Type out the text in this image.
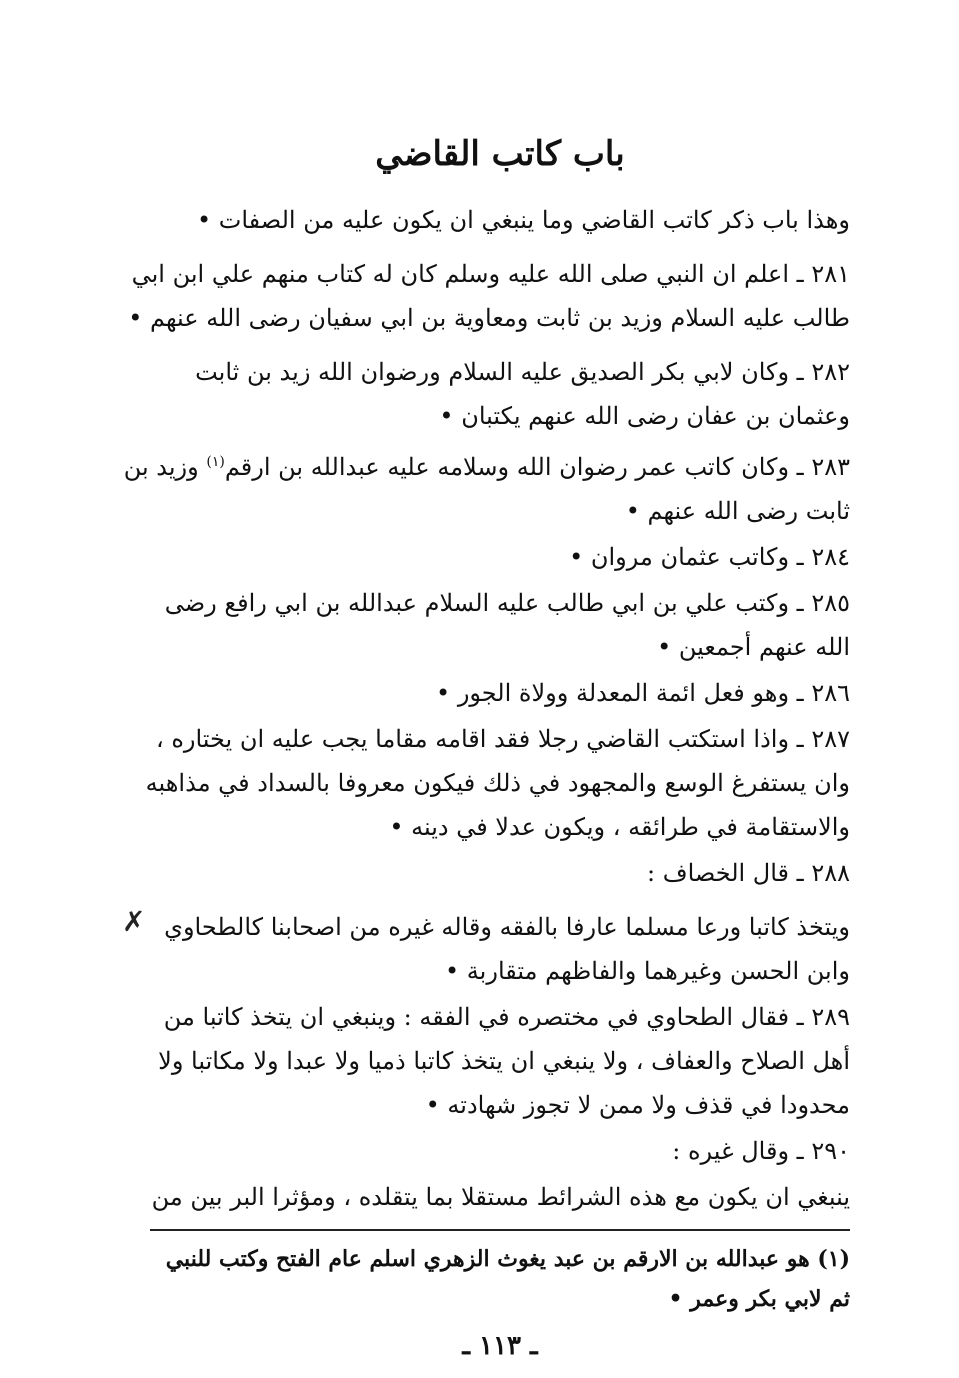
باب كاتب القاضي
وهذا باب ذكر كاتب القاضي وما ينبغي ان يكون عليه من الصفات •
٢٨١ ـ اعلم ان النبي صلى الله عليه وسلم كان له كتاب منهم علي ابن ابي
طالب عليه السلام وزيد بن ثابت ومعاوية بن ابي سفيان رضى الله عنهم •
٢٨٢ ـ وكان لابي بكر الصديق عليه السلام ورضوان الله زيد بن ثابت
وعثمان بن عفان رضى الله عنهم يكتبان •
٢٨٣ ـ وكان كاتب عمر رضوان الله وسلامه عليه عبدالله بن ارقم$^{(١)}$ وزيد بن
ثابت رضى الله عنهم •
٢٨٤ ـ وكاتب عثمان مروان •
٢٨٥ ـ وكتب علي بن ابي طالب عليه السلام عبدالله بن ابي رافع رضى
الله عنهم أجمعين •
٢٨٦ ـ وهو فعل ائمة المعدلة وولاة الجور •
٢٨٧ ـ واذا استكتب القاضي رجلا فقد اقامه مقاما يجب عليه ان يختاره ،
وان يستفرغ الوسع والمجهود في ذلك فيكون معروفا بالسداد في مذاهبه
والاستقامة في طرائقه ، ويكون عدلا في دينه •
٢٨٨ ـ قال الخصاف :
✗ ويتخذ كاتبا ورعا مسلما عارفا بالفقه وقاله غيره من اصحابنا كالطحاوي
وابن الحسن وغيرهما والفاظهم متقاربة •
٢٨٩ ـ فقال الطحاوي في مختصره في الفقه : وينبغي ان يتخذ كاتبا من
أهل الصلاح والعفاف ، ولا ينبغي ان يتخذ كاتبا ذميا ولا عبدا ولا مكاتبا ولا
محدودا في قذف ولا ممن لا تجوز شهادته •
٢٩٠ ـ وقال غيره :
ينبغي ان يكون مع هذه الشرائط مستقلا بما يتقلده ، ومؤثرا البر بين من
(١) هو عبدالله بن الارقم بن عبد يغوث الزهري اسلم عام الفتح وكتب للنبي
ثم لابي بكر وعمر •
ـ ١١٣ ـ
